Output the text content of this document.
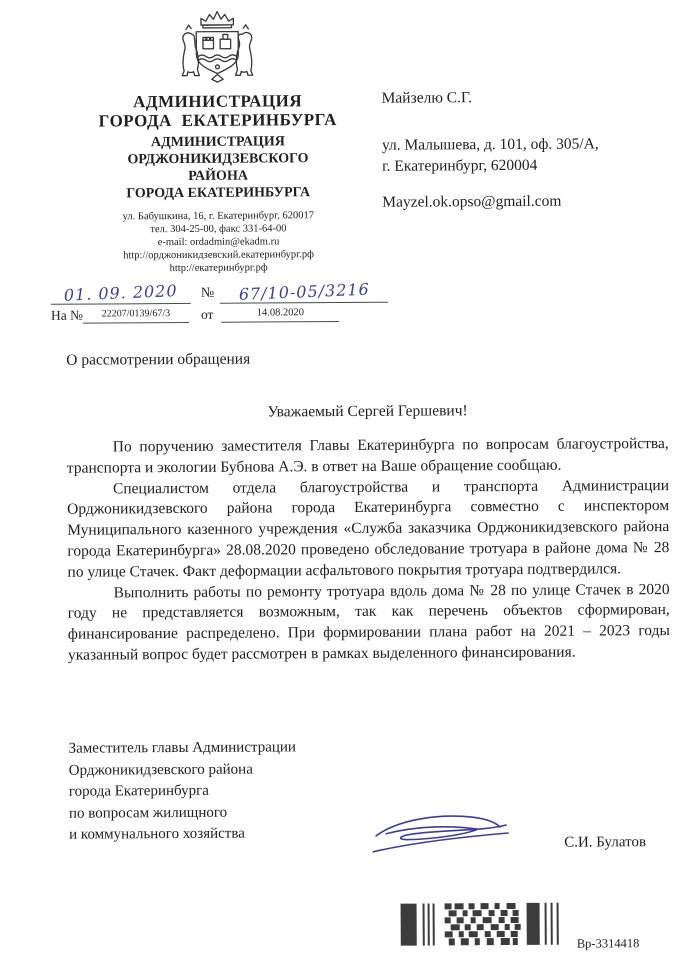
АДМИНИСТРАЦИЯ
ГОРОДА ЕКАТЕРИНБУРГА
АДМИНИСТРАЦИЯ
ОРДЖОНИКИДЗЕВСКОГО
РАЙОНА
ГОРОДА ЕКАТЕРИНБУРГА
ул. Бабушкина, 16, г. Екатеринбург, 620017
тел. 304-25-00, факс 331-64-00
e-mail: ordadmin@ekadm.ru
http://орджоникидзевский.екатеринбург.рф
http://екатеринбург.рф
01. 09. 2020	№	67/10-05/3216
На №	22207/0139/67/3	от	14.08.2020
Майзелю С.Г.
ул. Малышева, д. 101, оф. 305/А,
г. Екатеринбург, 620004
Mayzel.ok.opso@gmail.com
О рассмотрении обращения
Уважаемый Сергей Гершевич!

По поручению заместителя Главы Екатеринбурга по вопросам благоустройства, транспорта и экологии Бубнова А.Э. в ответ на Ваше обращение сообщаю.

Специалистом отдела благоустройства и транспорта Администрации Орджоникидзевского района города Екатеринбурга совместно с инспектором Муниципального казенного учреждения «Служба заказчика Орджоникидзевского района города Екатеринбурга» 28.08.2020 проведено обследование тротуара в районе дома № 28 по улице Стачек. Факт деформации асфальтового покрытия тротуара подтвердился.

Выполнить работы по ремонту тротуара вдоль дома № 28 по улице Стачек в 2020 году не представляется возможным, так как перечень объектов сформирован, финансирование распределено. При формировании плана работ на 2021 – 2023 годы указанный вопрос будет рассмотрен в рамках выделенного финансирования.

Заместитель главы Администрации
Орджоникидзевского района
города Екатеринбурга
по вопросам жилищного
и коммунального хозяйства	С.И. Булатов
Вр-3314418
